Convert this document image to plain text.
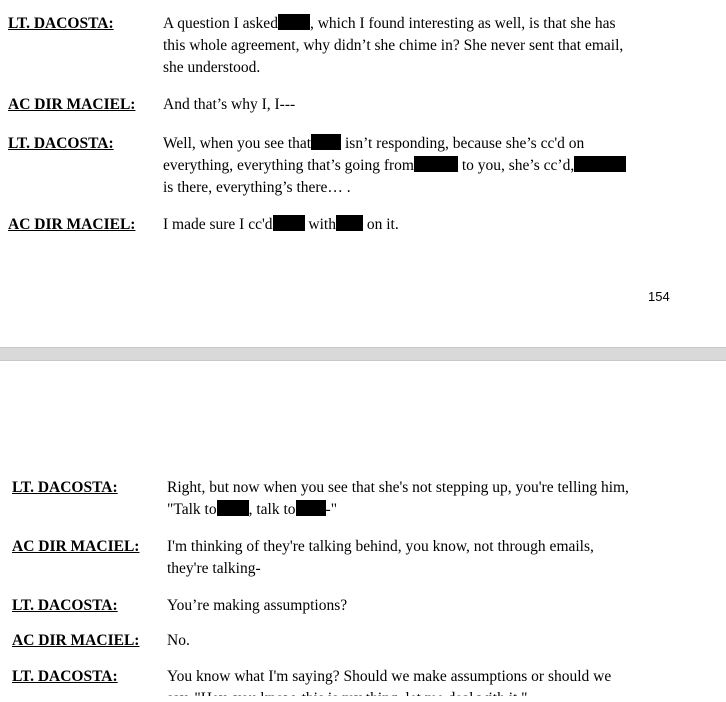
LT. DACOSTA:	A question I asked , which I found interesting as well, is that she has
this whole agreement, why didn’t she chime in? She never sent that email,
she understood.
AC DIR MACIEL: And that’s why I, I---
LT. DACOSTA:	Well, when you see that isn’t responding, because she’s cc'd on
everything, everything that’s going from	to you, she’s cc’d,
is there, everything’s there… .
AC DIR MACIEL: I made sure I cc'd with on it.
154
LT. DACOSTA:	Right, but now when you see that she's not stepping up, you're telling him,
"Talk to , talk to -"
AC DIR MACIEL: I'm thinking of they're talking behind, you know, not through emails,
they're talking-
LT. DACOSTA:	You’re making assumptions?
AC DIR MACIEL: No.
LT. DACOSTA:	You know what I'm saying? Should we make assumptions or should we
